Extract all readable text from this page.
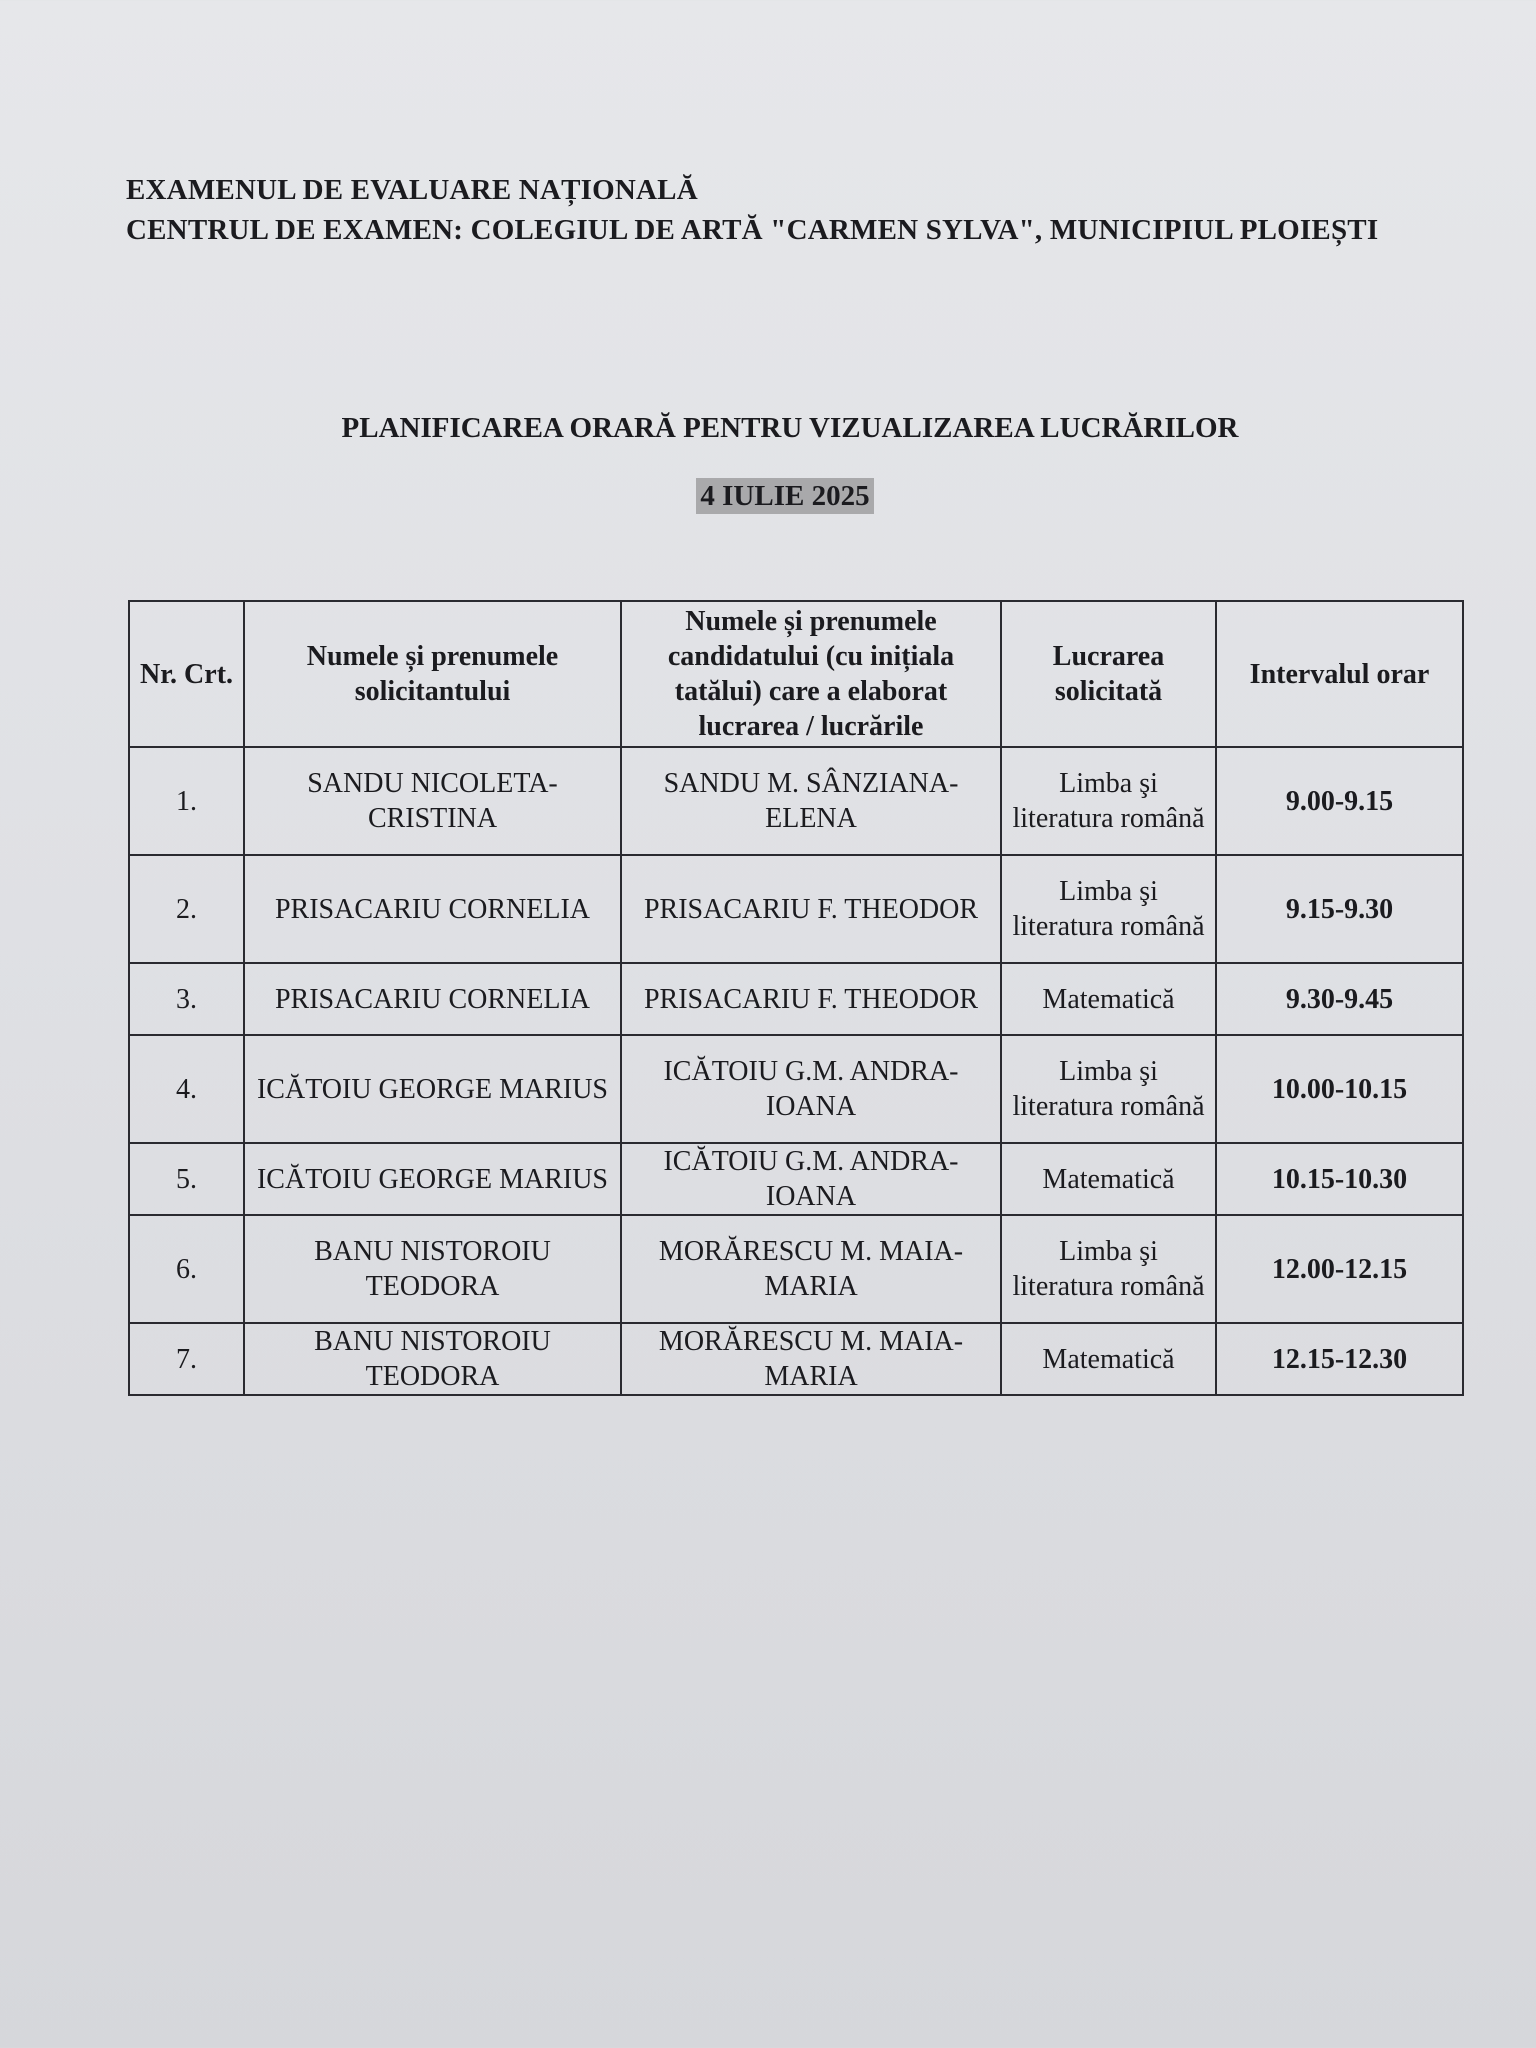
EXAMENUL DE EVALUARE NAȚIONALĂ
CENTRUL DE EXAMEN: COLEGIUL DE ARTĂ "CARMEN SYLVA", MUNICIPIUL PLOIEȘTI
PLANIFICAREA ORARĂ PENTRU VIZUALIZAREA LUCRĂRILOR
4 IULIE 2025
Nr. Crt.	Numele și prenumele solicitantului	Numele și prenumele candidatului (cu inițiala tatălui) care a elaborat lucrarea / lucrările	Lucrarea solicitată	Intervalul orar
1.	SANDU NICOLETA-CRISTINA	SANDU M. SÂNZIANA-ELENA	Limba şi literatura română	9.00-9.15
2.	PRISACARIU CORNELIA	PRISACARIU F. THEODOR	Limba şi literatura română	9.15-9.30
3.	PRISACARIU CORNELIA	PRISACARIU F. THEODOR	Matematică	9.30-9.45
4.	ICĂTOIU GEORGE MARIUS	ICĂTOIU G.M. ANDRA-IOANA	Limba şi literatura română	10.00-10.15
5.	ICĂTOIU GEORGE MARIUS	ICĂTOIU G.M. ANDRA-IOANA	Matematică	10.15-10.30
6.	BANU NISTOROIU TEODORA	MORĂRESCU M. MAIA-MARIA	Limba şi literatura română	12.00-12.15
7.	BANU NISTOROIU TEODORA	MORĂRESCU M. MAIA-MARIA	Matematică	12.15-12.30
